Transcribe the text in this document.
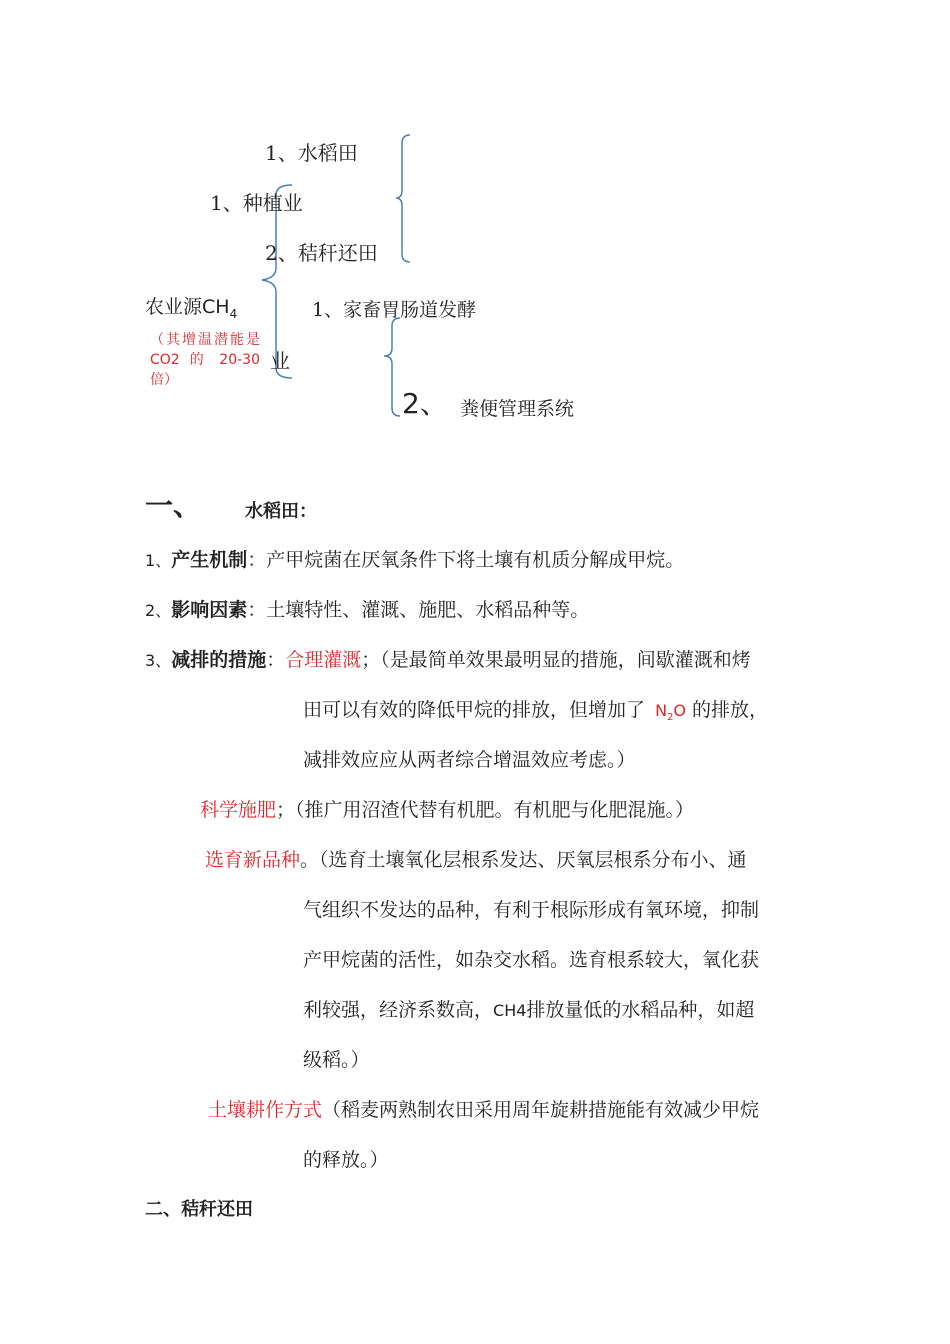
1、水稻田
1、种植业
2、秸秆还田
农业源$CH_4$
（其增温潜能是 CO2 的 20-30 倍）
业
1、家畜胃肠道发酵
2、 粪便管理系统
一、 水稻田：
1、产生机制：产甲烷菌在厌氧条件下将土壤有机质分解成甲烷。
2、影响因素：土壤特性、灌溉、施肥、水稻品种等。
3、减排的措施：合理灌溉；（是最简单效果最明显的措施，间歇灌溉和烤
田可以有效的降低甲烷的排放，但增加了 $N_2O$ 的排放，
减排效应应从两者综合增温效应考虑。）
科学施肥；（推广用沼渣代替有机肥。有机肥与化肥混施。）
选育新品种。（选育土壤氧化层根系发达、厌氧层根系分布小、通
气组织不发达的品种，有利于根际形成有氧环境，抑制
产甲烷菌的活性，如杂交水稻。选育根系较大，氧化获
利较强，经济系数高，CH4排放量低的水稻品种，如超
级稻。）
土壤耕作方式（稻麦两熟制农田采用周年旋耕措施能有效减少甲烷
的释放。）
二、秸秆还田
